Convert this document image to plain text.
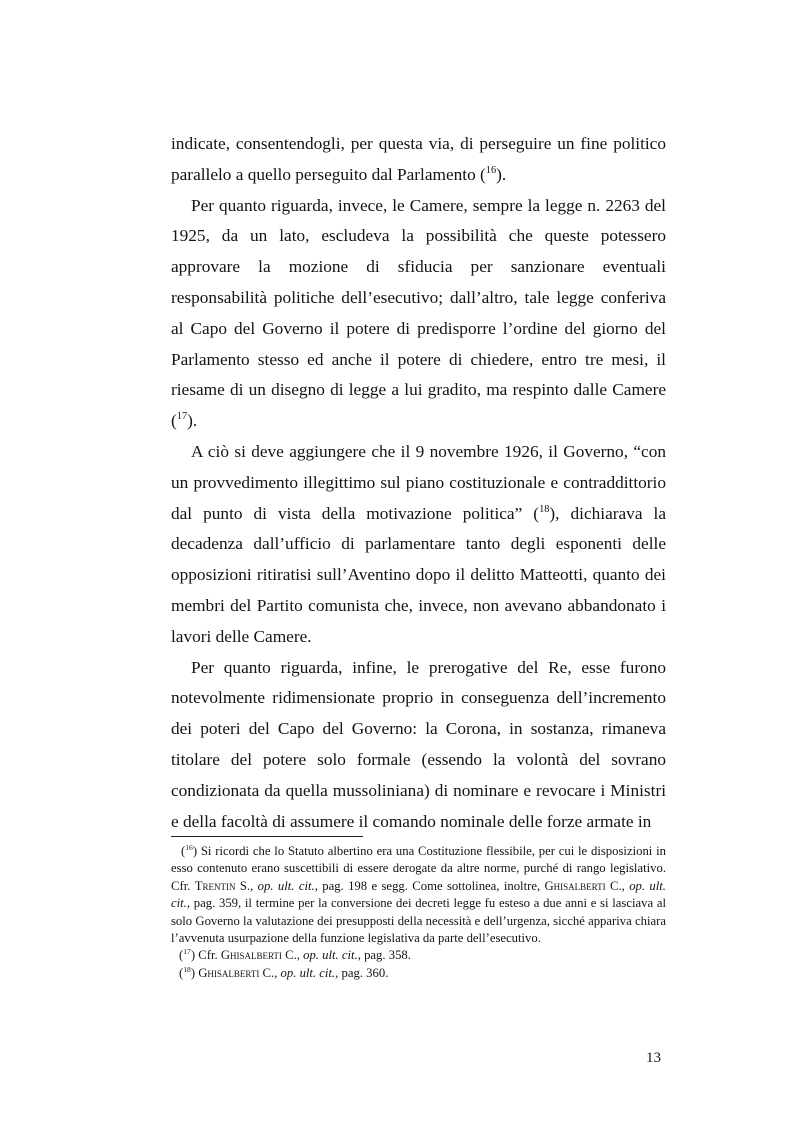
indicate, consentendogli, per questa via, di perseguire un fine politico parallelo a quello perseguito dal Parlamento ($^{16}$).

Per quanto riguarda, invece, le Camere, sempre la legge n. 2263 del 1925, da un lato, escludeva la possibilità che queste potessero approvare la mozione di sfiducia per sanzionare eventuali responsabilità politiche dell’esecutivo; dall’altro, tale legge conferiva al Capo del Governo il potere di predisporre l’ordine del giorno del Parlamento stesso ed anche il potere di chiedere, entro tre mesi, il riesame di un disegno di legge a lui gradito, ma respinto dalle Camere ($^{17}$).

A ciò si deve aggiungere che il 9 novembre 1926, il Governo, “con un provvedimento illegittimo sul piano costituzionale e contraddittorio dal punto di vista della motivazione politica” ($^{18}$), dichiarava la decadenza dall’ufficio di parlamentare tanto degli esponenti delle opposizioni ritiratisi sull’Aventino dopo il delitto Matteotti, quanto dei membri del Partito comunista che, invece, non avevano abbandonato i lavori delle Camere.

Per quanto riguarda, infine, le prerogative del Re, esse furono notevolmente ridimensionate proprio in conseguenza dell’incremento dei poteri del Capo del Governo: la Corona, in sostanza, rimaneva titolare del potere solo formale (essendo la volontà del sovrano condizionata da quella mussoliniana) di nominare e revocare i Ministri e della facoltà di assumere il comando nominale delle forze armate in

($^{16}$) Si ricordi che lo Statuto albertino era una Costituzione flessibile, per cui le disposizioni in esso contenuto erano suscettibili di essere derogate da altre norme, purché di rango legislativo. Cfr. Trentin S., op. ult. cit., pag. 198 e segg. Come sottolinea, inoltre, Ghisalberti C., op. ult. cit., pag. 359, il termine per la conversione dei decreti legge fu esteso a due anni e si lasciava al solo Governo la valutazione dei presupposti della necessità e dell’urgenza, sicché appariva chiara l’avvenuta usurpazione della funzione legislativa da parte dell’esecutivo.

($^{17}$) Cfr. Ghisalberti C., op. ult. cit., pag. 358.

($^{18}$) Ghisalberti C., op. ult. cit., pag. 360.

13
